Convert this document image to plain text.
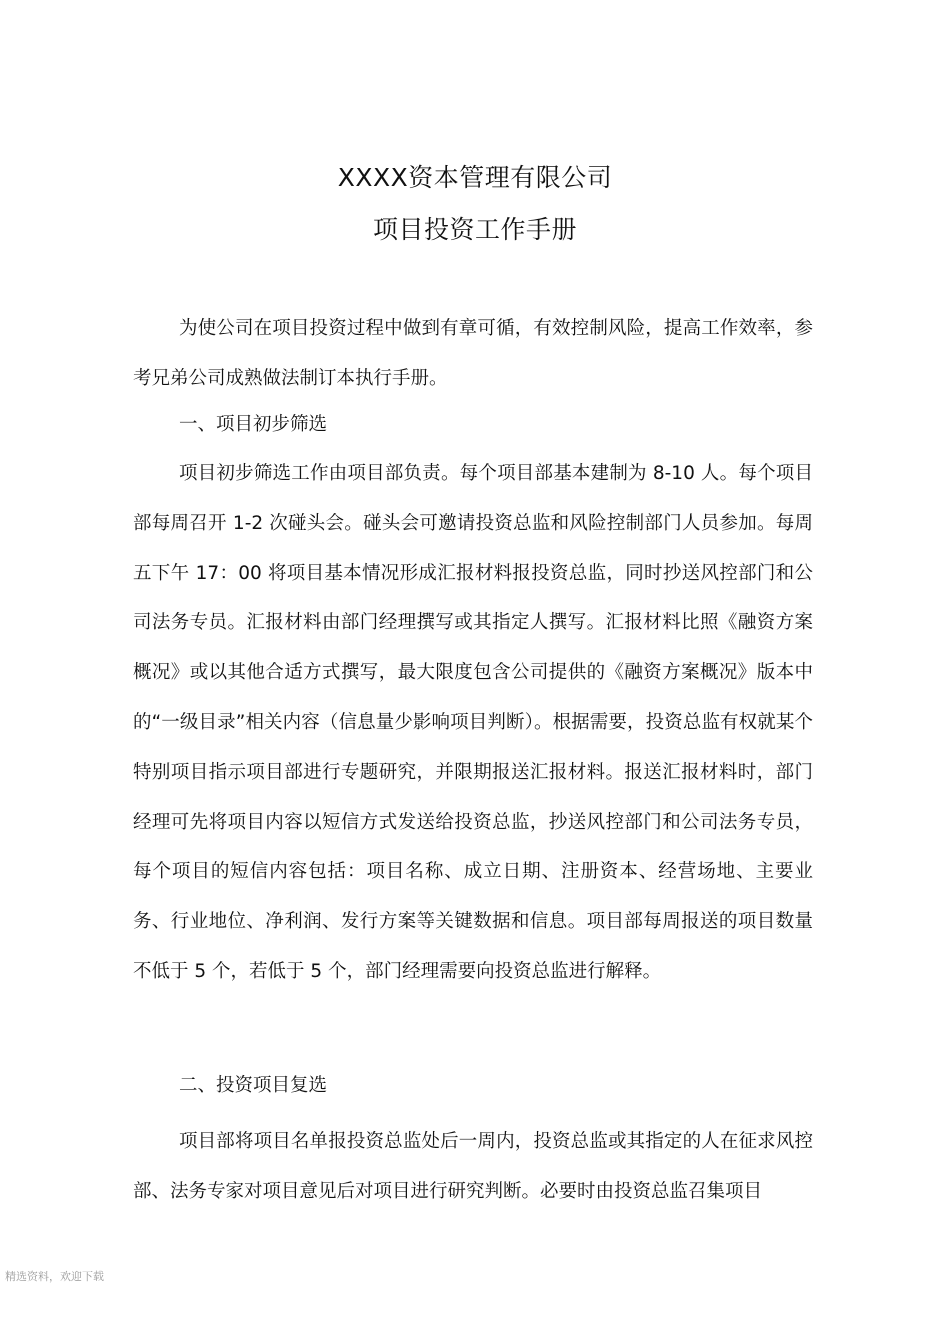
XXXX资本管理有限公司
项目投资工作手册

为使公司在项目投资过程中做到有章可循，有效控制风险，提高工作效率，参考兄弟公司成熟做法制订本执行手册。

一、项目初步筛选

项目初步筛选工作由项目部负责。每个项目部基本建制为 8-10 人。每个项目部每周召开 1-2 次碰头会。碰头会可邀请投资总监和风险控制部门人员参加。每周五下午 17：00 将项目基本情况形成汇报材料报投资总监，同时抄送风控部门和公司法务专员。汇报材料由部门经理撰写或其指定人撰写。汇报材料比照《融资方案概况》或以其他合适方式撰写，最大限度包含公司提供的《融资方案概况》版本中的“一级目录”相关内容（信息量少影响项目判断）。根据需要，投资总监有权就某个特别项目指示项目部进行专题研究，并限期报送汇报材料。报送汇报材料时，部门经理可先将项目内容以短信方式发送给投资总监，抄送风控部门和公司法务专员，每个项目的短信内容包括：项目名称、成立日期、注册资本、经营场地、主要业务、行业地位、净利润、发行方案等关键数据和信息。项目部每周报送的项目数量不低于 5 个，若低于 5 个，部门经理需要向投资总监进行解释。

二、投资项目复选

项目部将项目名单报投资总监处后一周内，投资总监或其指定的人在征求风控部、法务专家对项目意见后对项目进行研究判断。必要时由投资总监召集项目

精选资料，欢迎下载
